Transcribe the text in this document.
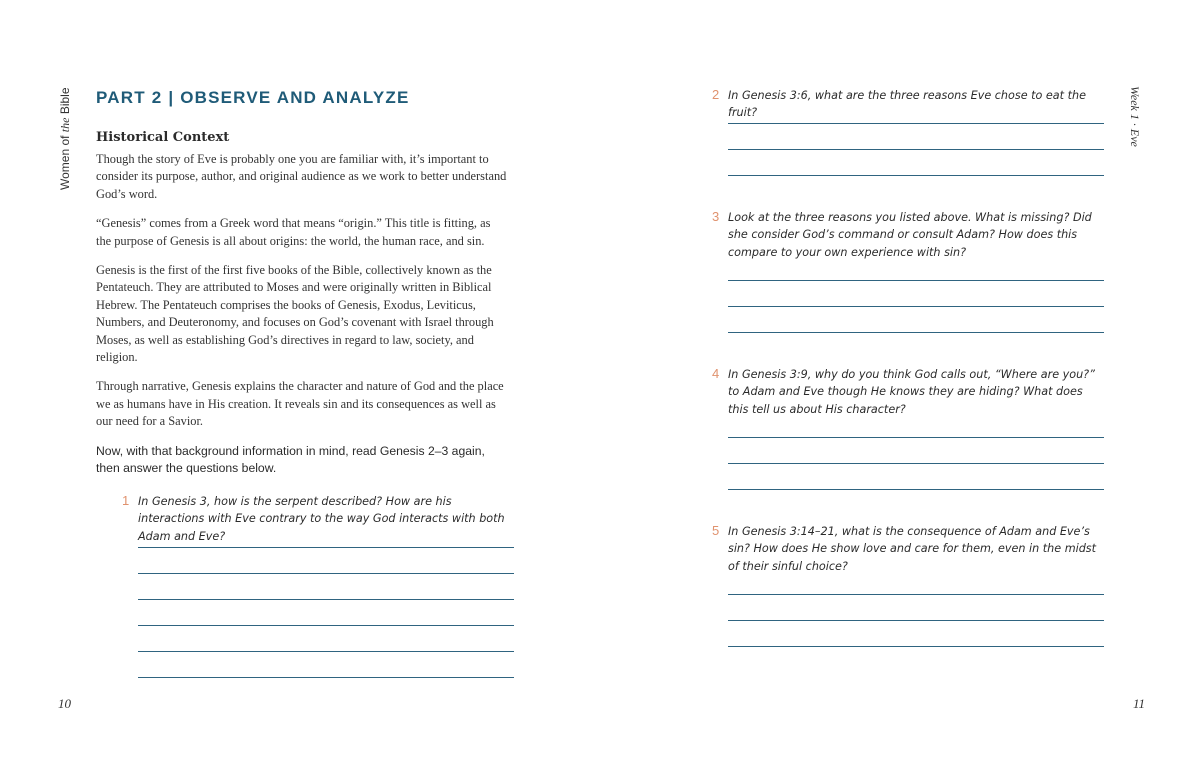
Women of the Bible	Week 1 · Eve
10	11
PART 2 | OBSERVE AND ANALYZE
Historical Context

Though the story of Eve is probably one you are familiar with, it’s important to consider its purpose, author, and original audience as we work to better understand God’s word.

“Genesis” comes from a Greek word that means “origin.” This title is fitting, as the purpose of Genesis is all about origins: the world, the human race, and sin.

Genesis is the first of the first five books of the Bible, collectively known as the Pentateuch. They are attributed to Moses and were originally written in Biblical Hebrew. The Pentateuch comprises the books of Genesis, Exodus, Leviticus, Numbers, and Deuteronomy, and focuses on God’s covenant with Israel through Moses, as well as establishing God’s directives in regard to law, society, and religion.

Through narrative, Genesis explains the character and nature of God and the place we as humans have in His creation. It reveals sin and its consequences as well as our need for a Savior.

Now, with that background information in mind, read Genesis 2–3 again, then answer the questions below.

1 In Genesis 3, how is the serpent described? How are his interactions with Eve contrary to the way God interacts with both Adam and Eve?
2 In Genesis 3:6, what are the three reasons Eve chose to eat the fruit?
3 Look at the three reasons you listed above. What is missing? Did she consider God’s command or consult Adam? How does this compare to your own experience with sin?
4 In Genesis 3:9, why do you think God calls out, “Where are you?” to Adam and Eve though He knows they are hiding? What does this tell us about His character?
5 In Genesis 3:14–21, what is the consequence of Adam and Eve’s sin? How does He show love and care for them, even in the midst of their sinful choice?
